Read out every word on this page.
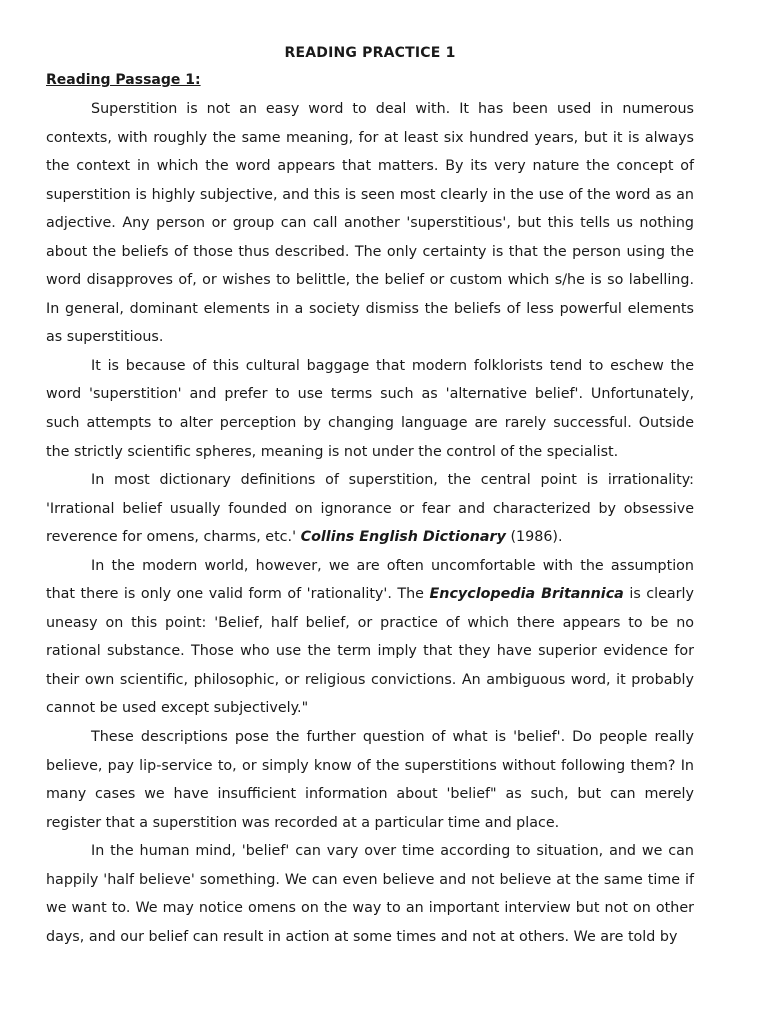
READING PRACTICE 1
Reading Passage 1:

Superstition is not an easy word to deal with. It has been used in numerous contexts, with roughly the same meaning, for at least six hundred years, but it is always the context in which the word appears that matters. By its very nature the concept of superstition is highly subjective, and this is seen most clearly in the use of the word as an adjective. Any person or group can call another 'superstitious', but this tells us nothing about the beliefs of those thus described. The only certainty is that the person using the word disapproves of, or wishes to belittle, the belief or custom which s/he is so labelling. In general, dominant elements in a society dismiss the beliefs of less powerful elements as superstitious.

It is because of this cultural baggage that modern folklorists tend to eschew the word 'superstition' and prefer to use terms such as 'alternative belief'. Unfortunately, such attempts to alter perception by changing language are rarely successful. Outside the strictly scientific spheres, meaning is not under the control of the specialist.

In most dictionary definitions of superstition, the central point is irrationality: 'Irrational belief usually founded on ignorance or fear and characterized by obsessive reverence for omens, charms, etc.' Collins English Dictionary (1986).

In the modern world, however, we are often uncomfortable with the assumption that there is only one valid form of 'rationality'. The Encyclopedia Britannica is clearly uneasy on this point: 'Belief, half belief, or practice of which there appears to be no rational substance. Those who use the term imply that they have superior evidence for their own scientific, philosophic, or religious convictions. An ambiguous word, it probably cannot be used except subjectively."

These descriptions pose the further question of what is 'belief'. Do people really believe, pay lip-service to, or simply know of the superstitions without following them? In many cases we have insufficient information about 'belief" as such, but can merely register that a superstition was recorded at a particular time and place.

In the human mind, 'belief' can vary over time according to situation, and we can happily 'half believe' something. We can even believe and not believe at the same time if we want to. We may notice omens on the way to an important interview but not on other days, and our belief can result in action at some times and not at others. We are told by
